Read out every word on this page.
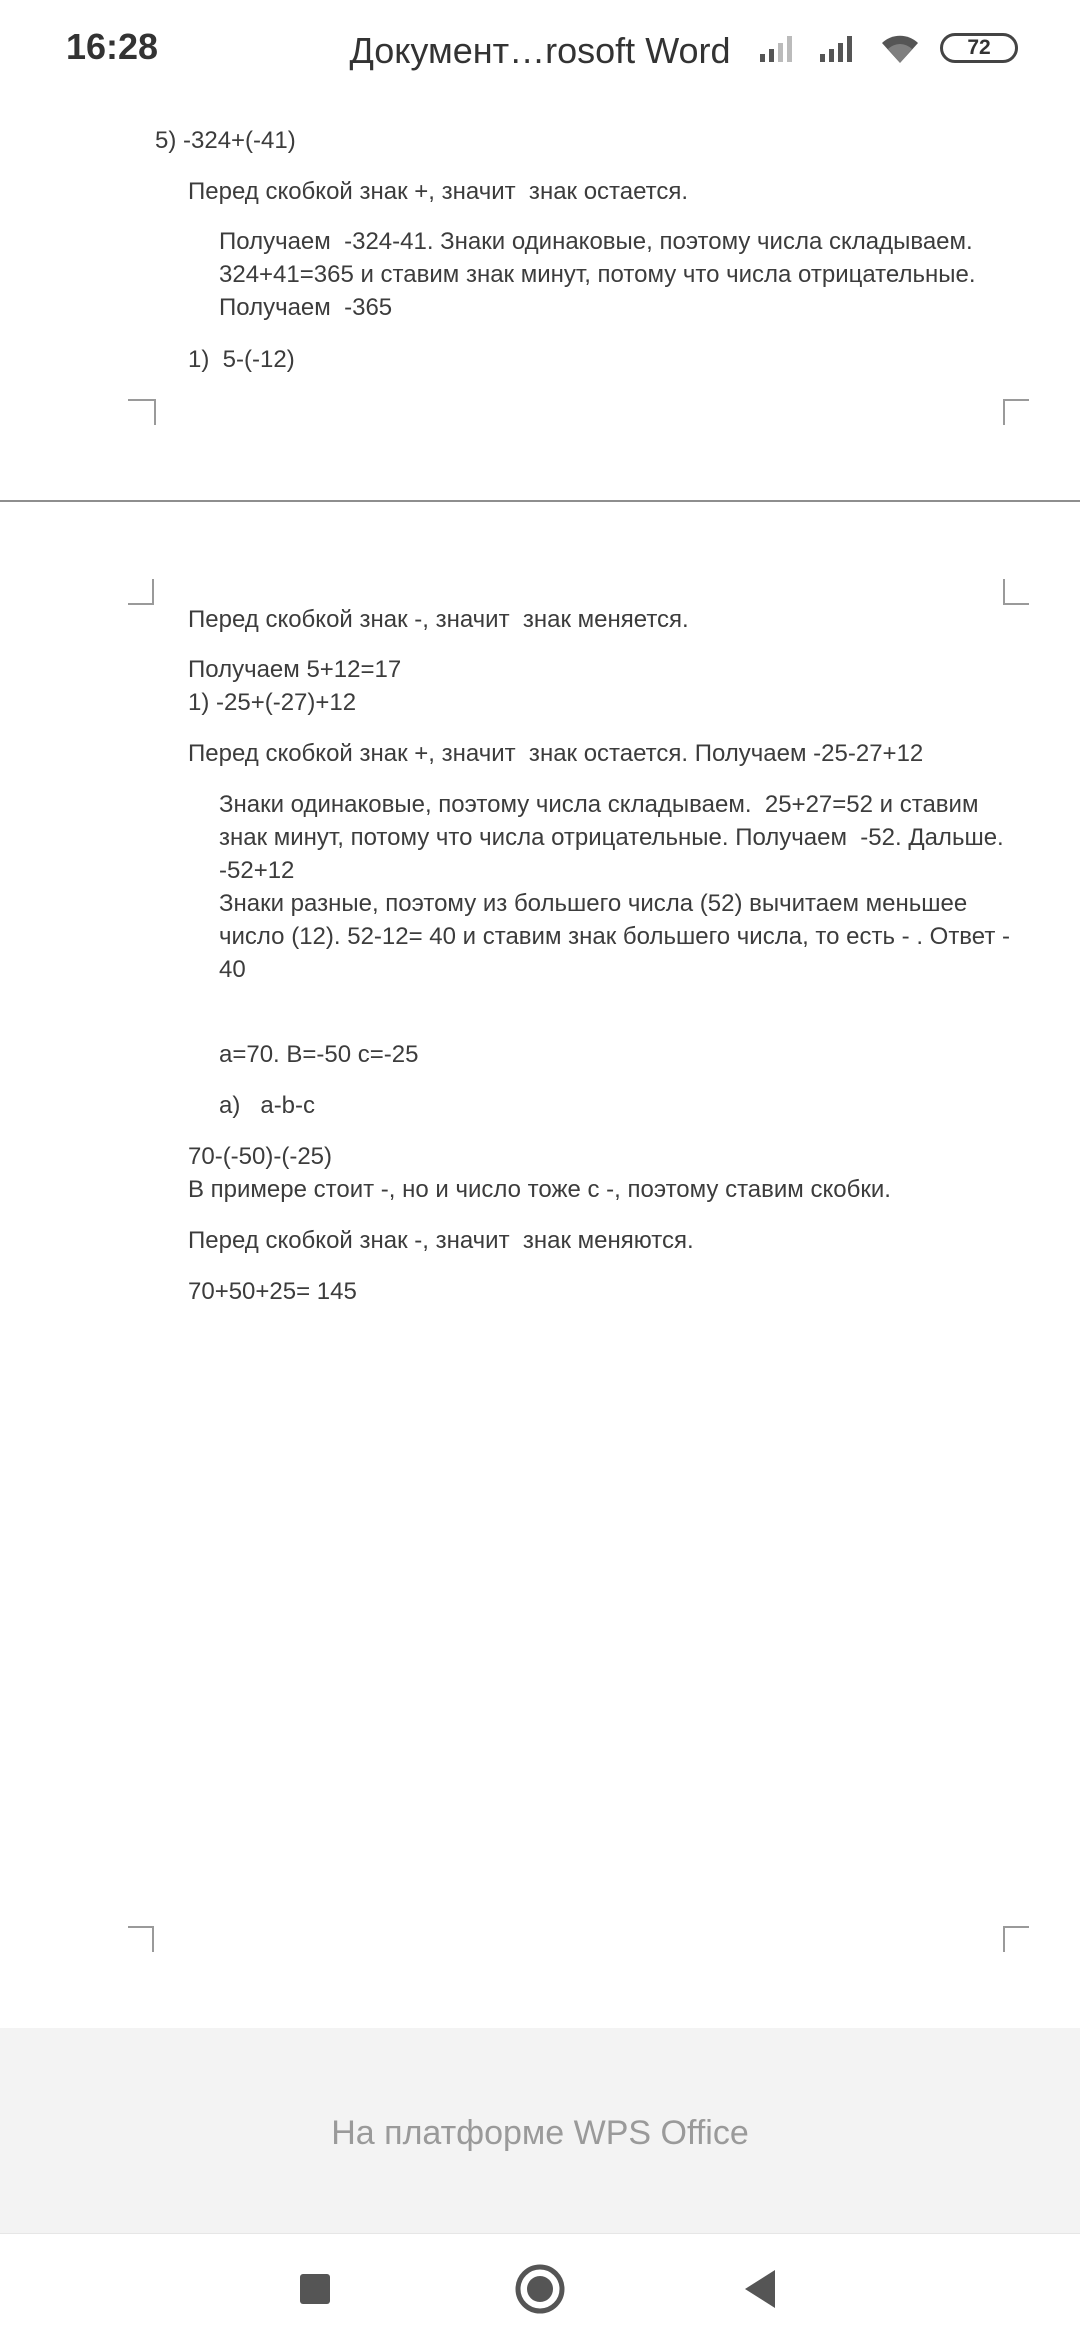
16:28	Документ…rosoft Word	72
5) -324+(-41)
Перед скобкой знак +, значит  знак остается.
Получаем  -324-41. Знаки одинаковые, поэтому числа складываем.
324+41=365 и ставим знак минут, потому что числа отрицательные.
Получаем  -365
1)  5-(-12)
Перед скобкой знак -, значит  знак меняется.
Получаем 5+12=17
1) -25+(-27)+12
Перед скобкой знак +, значит  знак остается. Получаем -25-27+12
Знаки одинаковые, поэтому числа складываем.  25+27=52 и ставим
знак минут, потому что числа отрицательные. Получаем  -52. Дальше.
-52+12
Знаки разные, поэтому из большего числа (52) вычитаем меньшее
число (12). 52-12= 40 и ставим знак большего числа, то есть - . Ответ -
40
а=70. В=-50 с=-25
а)   a-b-c
70-(-50)-(-25)
В примере стоит -, но и число тоже с -, поэтому ставим скобки.
Перед скобкой знак -, значит  знак меняются.
70+50+25= 145
На платформе WPS Office
